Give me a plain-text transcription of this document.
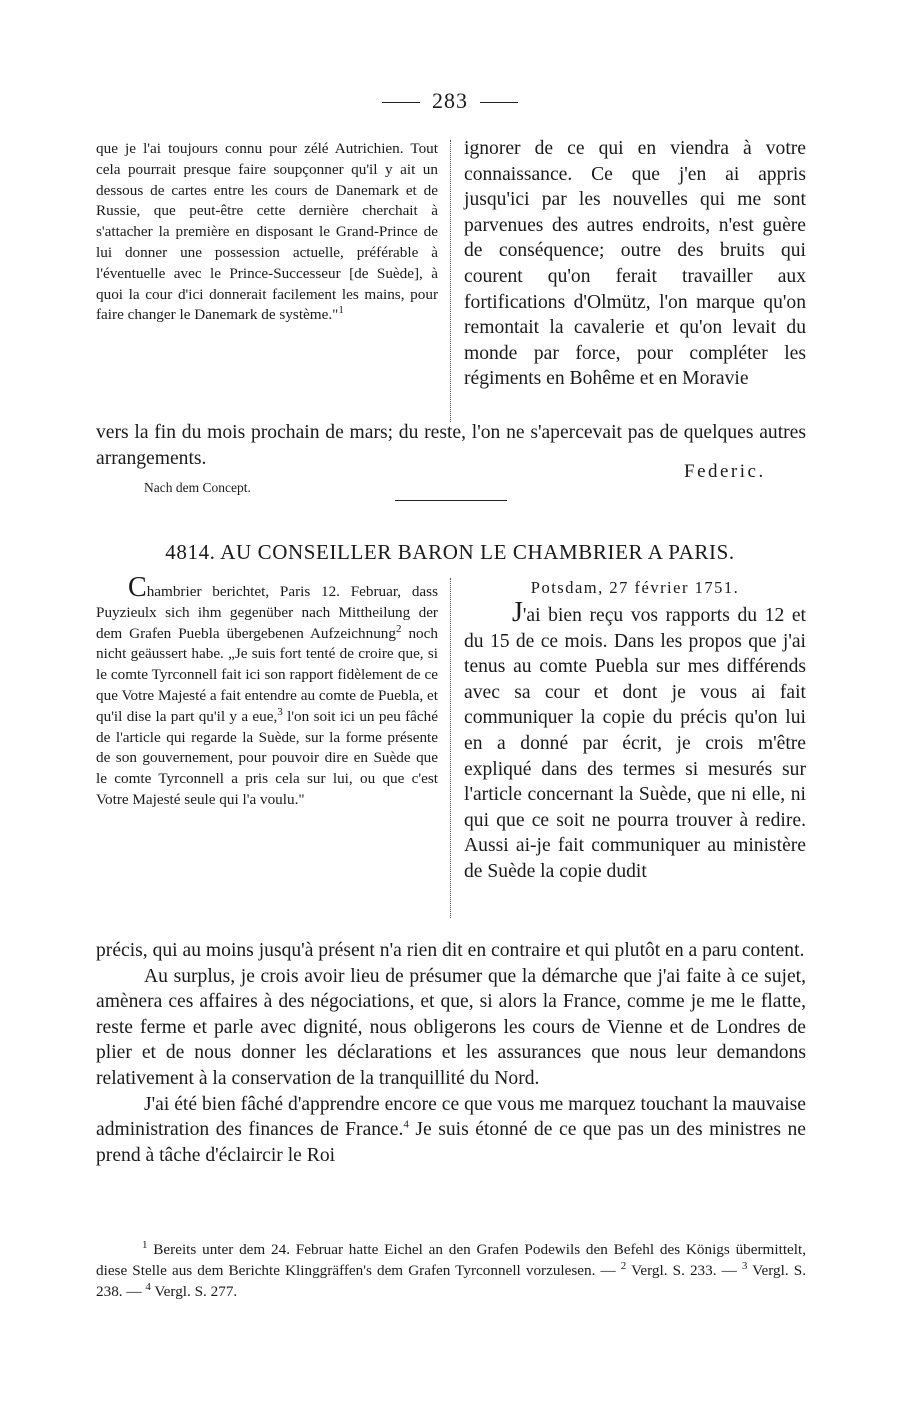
283

que je l'ai toujours connu pour zélé Autrichien. Tout cela pourrait presque faire soupçonner qu'il y ait un dessous de cartes entre les cours de Danemark et de Russie, que peut-être cette dernière cherchait à s'attacher la première en disposant le Grand-Prince de lui donner une possession actuelle, préférable à l'éventuelle avec le Prince-Successeur [de Suède], à quoi la cour d'ici donnerait facilement les mains, pour faire changer le Danemark de système."$^1$

ignorer de ce qui en viendra à votre connaissance. Ce que j'en ai appris jusqu'ici par les nouvelles qui me sont parvenues des autres endroits, n'est guère de conséquence; outre des bruits qui courent qu'on ferait travailler aux fortifications d'Olmütz, l'on marque qu'on remontait la cavalerie et qu'on levait du monde par force, pour compléter les régiments en Bohême et en Moravie

vers la fin du mois prochain de mars; du reste, l'on ne s'apercevait pas de quelques autres arrangements.

Nach dem Concept.
Federic.
4814. AU CONSEILLER BARON LE CHAMBRIER A PARIS.

Chambrier berichtet, Paris 12. Februar, dass Puyzieulx sich ihm gegenüber nach Mittheilung der dem Grafen Puebla übergebenen Aufzeichnung$^2$ noch nicht geäussert habe. „Je suis fort tenté de croire que, si le comte Tyrconnell fait ici son rapport fidèlement de ce que Votre Majesté a fait entendre au comte de Puebla, et qu'il dise la part qu'il y a eue,$^3$ l'on soit ici un peu fâché de l'article qui regarde la Suède, sur la forme présente de son gouvernement, pour pouvoir dire en Suède que le comte Tyrconnell a pris cela sur lui, ou que c'est Votre Majesté seule qui l'a voulu."

Potsdam, 27 février 1751.

J'ai bien reçu vos rapports du 12 et du 15 de ce mois. Dans les propos que j'ai tenus au comte Puebla sur mes différends avec sa cour et dont je vous ai fait communiquer la copie du précis qu'on lui en a donné par écrit, je crois m'être expliqué dans des termes si mesurés sur l'article concernant la Suède, que ni elle, ni qui que ce soit ne pourra trouver à redire. Aussi ai-je fait communiquer au ministère de Suède la copie dudit

précis, qui au moins jusqu'à présent n'a rien dit en contraire et qui plutôt en a paru content.

Au surplus, je crois avoir lieu de présumer que la démarche que j'ai faite à ce sujet, amènera ces affaires à des négociations, et que, si alors la France, comme je me le flatte, reste ferme et parle avec dignité, nous obligerons les cours de Vienne et de Londres de plier et de nous donner les déclarations et les assurances que nous leur demandons relativement à la conservation de la tranquillité du Nord.

J'ai été bien fâché d'apprendre encore ce que vous me marquez touchant la mauvaise administration des finances de France.$^4$ Je suis étonné de ce que pas un des ministres ne prend à tâche d'éclaircir le Roi

$^1$ Bereits unter dem 24. Februar hatte Eichel an den Grafen Podewils den Befehl des Königs übermittelt, diese Stelle aus dem Berichte Klinggräffen's dem Grafen Tyrconnell vorzulesen. — $^2$ Vergl. S. 233. — $^3$ Vergl. S. 238. — $^4$ Vergl. S. 277.
